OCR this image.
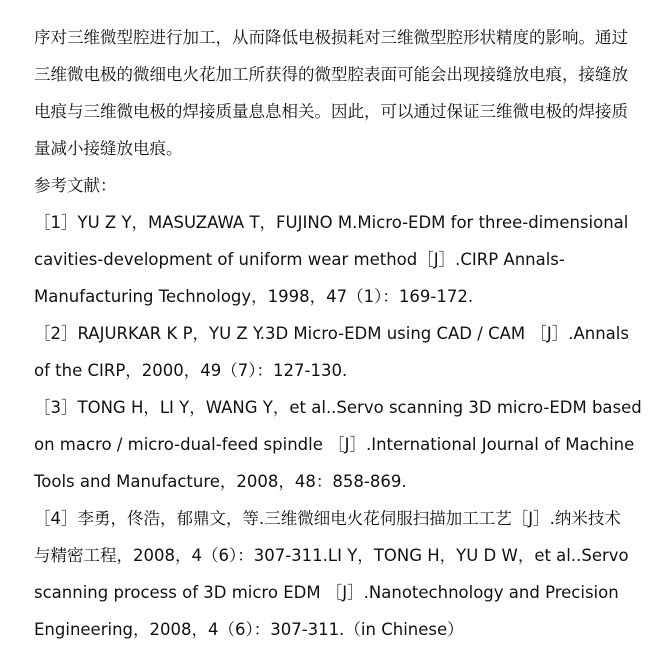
序对三维微型腔进行加工，从而降低电极损耗对三维微型腔形状精度的影响。通过
三维微电极的微细电火花加工所获得的微型腔表面可能会出现接缝放电痕，接缝放
电痕与三维微电极的焊接质量息息相关。因此，可以通过保证三维微电极的焊接质
量减小接缝放电痕。
参考文献：
［1］YU Z Y，MASUZAWA T，FUJINO M.Micro-EDM for three-dimensional
cavities-development of uniform wear method［J］.CIRP Annals-
Manufacturing Technology，1998，47（1）：169-172.
［2］RAJURKAR K P，YU Z Y.3D Micro-EDM using CAD / CAM ［J］.Annals
of the CIRP，2000，49（7）：127-130.
［3］TONG H，LI Y，WANG Y，et al..Servo scanning 3D micro-EDM based
on macro / micro-dual-feed spindle ［J］.International Journal of Machine
Tools and Manufacture，2008，48：858-869.
［4］李勇，佟浩，郁鼎文，等.三维微细电火花伺服扫描加工工艺［J］.纳米技术
与精密工程，2008，4（6）：307-311.LI Y，TONG H，YU D W，et al..Servo
scanning process of 3D micro EDM ［J］.Nanotechnology and Precision
Engineering，2008，4（6）：307-311.（in Chinese）
